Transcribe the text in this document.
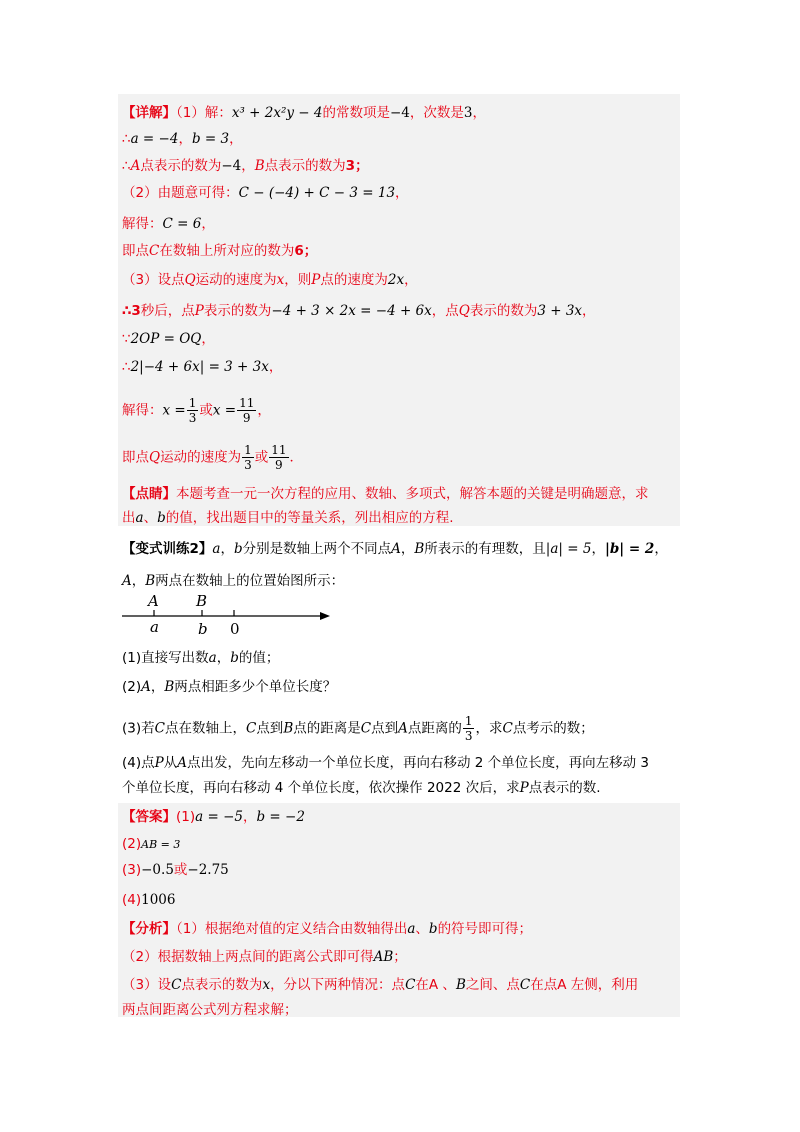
【详解】（1）解：x³ + 2x²y − 4的常数项是−4，次数是3，
∴a = −4，b = 3，
∴A点表示的数为−4，B点表示的数为3；
（2）由题意可得：C − (−4) + C − 3 = 13，
解得：C = 6，
即点C在数轴上所对应的数为6；
（3）设点Q运动的速度为x，则P点的速度为2x，
∴3秒后，点P表示的数为−4 + 3 × 2x = −4 + 6x，点Q表示的数为3 + 3x，
∵2OP = OQ，
∴2|−4 + 6x| = 3 + 3x，
解得：$x = \frac{1}{3}$ 或$x = \frac{11}{9}$ ，
即点Q运动的速度为 $\frac{1}{3}$ 或 $\frac{11}{9}$ ．
【点睛】本题考查一元一次方程的应用、数轴、多项式，解答本题的关键是明确题意，求
出a、b的值，找出题目中的等量关系，列出相应的方程.
【变式训练2】a，b分别是数轴上两个不同点A，B所表示的有理数，且|a| = 5，|b| = 2，
A，B两点在数轴上的位置始图所示：
A B
a	b 0
(1)直接写出数a，b的值；
(2)A，B两点相距多少个单位长度？
(3)若C点在数轴上，C点到B点的距离是C点到A点距离的 $\frac{1}{3}$ ，求C点考示的数；
(4)点P从A点出发，先向左移动一个单位长度，再向右移动 2 个单位长度，再向左移动 3
个单位长度，再向右移动 4 个单位长度，依次操作 2022 次后，求P点表示的数.
【答案】(1)a = −5，b = −2
(2)AB = 3
(3)−0.5或−2.75
(4)1006
【分析】（1）根据绝对值的定义结合由数轴得出a、b的符号即可得；
（2）根据数轴上两点间的距离公式即可得AB；
（3）设C点表示的数为x，分以下两种情况：点C在A 、B之间、点C在点A 左侧，利用
两点间距离公式列方程求解；
